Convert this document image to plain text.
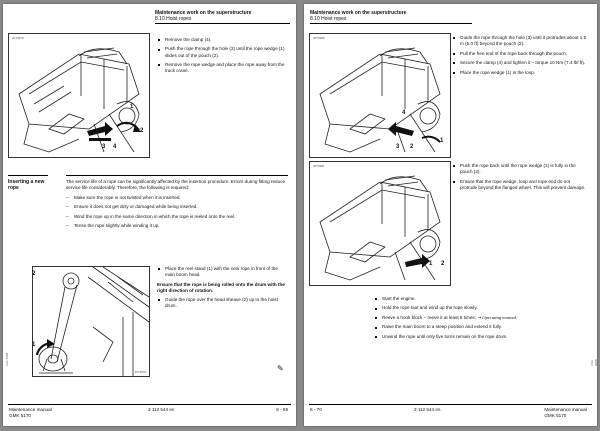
Maintenance work on the superstructure
8.10 Hoist ropes
3073979
1
2
3 4
Remove the clamp (4).
Push the rope through the hole (3) until the rope wedge (1) slides out of the pouch (2).
Remove the rope wedge and place the rope away from the truck crane.
Inserting a new rope

The service life of a rope can be significantly affected by the insertion procedure. Errors during fitting reduce service life considerably. Therefore, the following is required:

– Make sure the rope is not twisted when it is inserted.
– Ensure it does not get dirty or damaged while being inserted.
– Wind the rope up in the same direction in which the rope is reeled onto the reel.
– Tense the rope slightly while winding it up.
3073978
2
1
Place the reel stand (1) with the new rope in front of the main boom head.

Ensure that the rope is being rolled onto the drum with the right direction of rotation.

Guide the rope over the head sheave (2) up to the hoist drum.
✎
3 01 2008
Maintenance manual
GMK 5170
3 112 544 en	8 - 69
Maintenance work on the superstructure
8.10 Hoist ropes
3073980
4
3 2
1
Guide the rope through the hole (3) until it protrudes about 1.5 m (5.0 ft) beyond the pouch (2).
Pull the free end of the rope back through the pouch.
Secure the clamp (4) and tighten it – torque 10 Nm (7.4 lbf ft).
Place the rope wedge (1) in the loop.
3073981
1 2
Push the rope back until the rope wedge (1) is fully in the pouch (2).
Ensure that the rope wedge, loop and rope end do not protrude beyond the flanged wheel. This will prevent damage.
Start the engine.
Hold the rope taut and wind up the rope slowly.
Reeve a hook block – reeve it at least 5 times; ➞ Operating manual.
Raise the main boom to a steep position and extend it fully.
Unwind the rope until only five turns remain on the rope drum.
3 01 2008
8 - 70	3 112 544 en	Maintenance manual
GMK 5170
